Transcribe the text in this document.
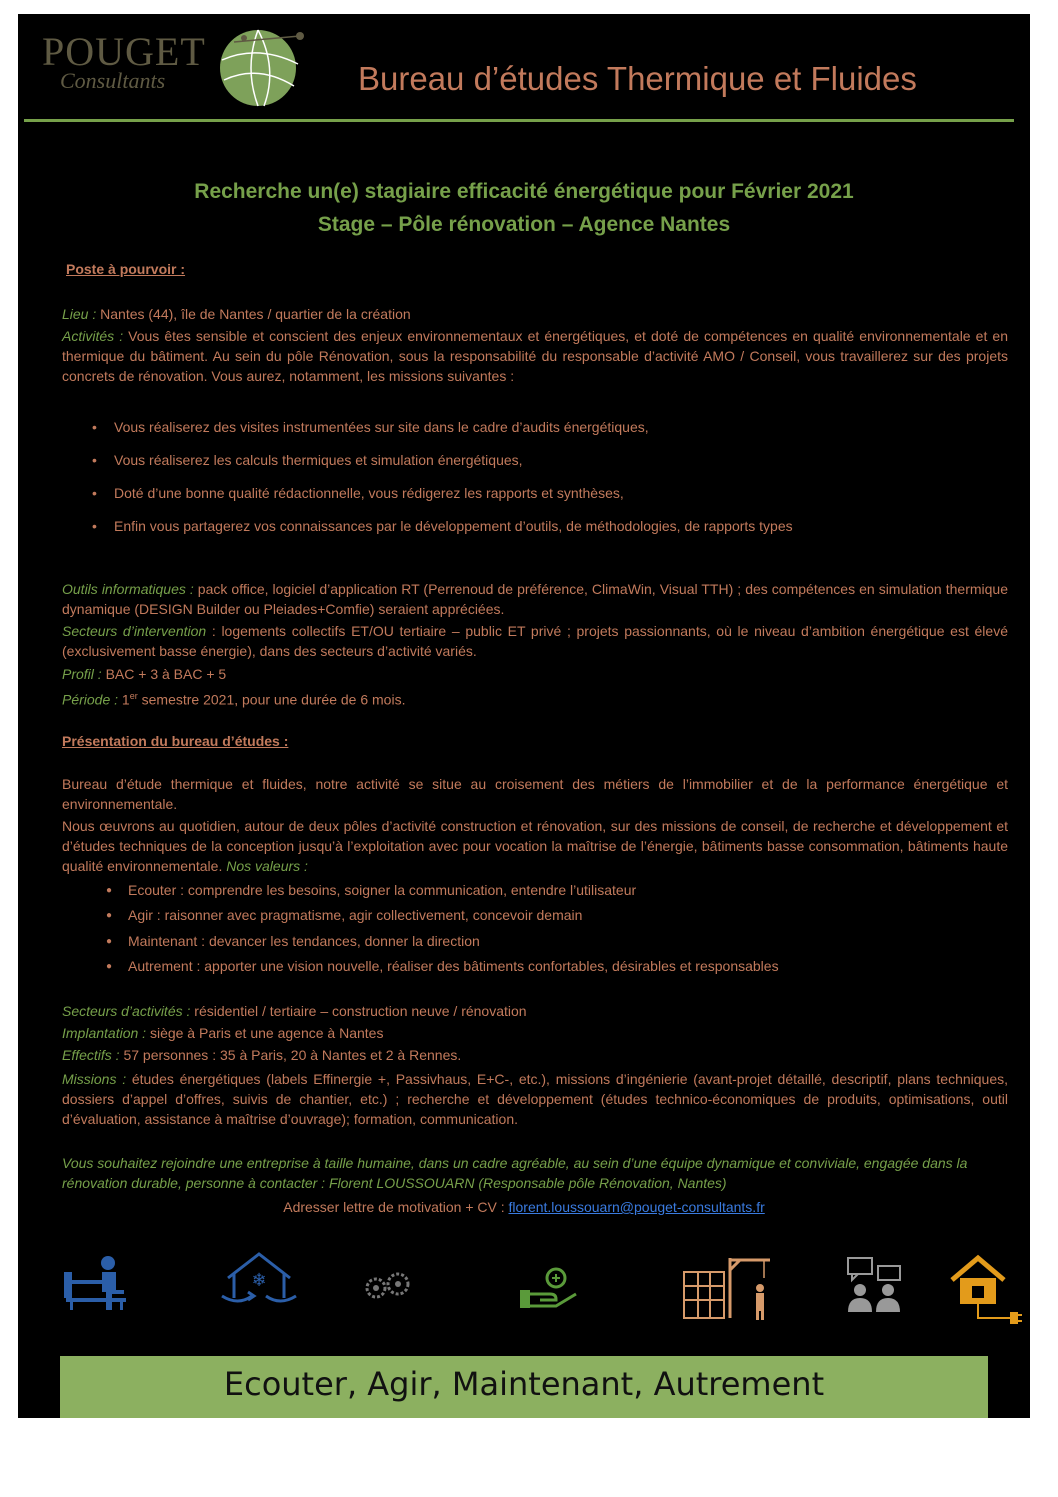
POUGET
Consultants	Bureau d’études Thermique et Fluides
Recherche un(e) stagiaire efficacité énergétique pour Février 2021
Stage – Pôle rénovation – Agence Nantes
Poste à pourvoir :
Lieu : Nantes (44), île de Nantes / quartier de la création
Activités : Vous êtes sensible et conscient des enjeux environnementaux et énergétiques, et doté de compétences en qualité environnementale et en thermique du bâtiment. Au sein du pôle Rénovation, sous la responsabilité du responsable d’activité AMO / Conseil, vous travaillerez sur des projets concrets de rénovation. Vous aurez, notamment, les missions suivantes :
• Vous réaliserez des visites instrumentées sur site dans le cadre d’audits énergétiques,
• Vous réaliserez les calculs thermiques et simulation énergétiques,
• Doté d’une bonne qualité rédactionnelle, vous rédigerez les rapports et synthèses,
• Enfin vous partagerez vos connaissances par le développement d’outils, de méthodologies, de rapports types
Outils informatiques : pack office, logiciel d’application RT (Perrenoud de préférence, ClimaWin, Visual TTH) ; des compétences en simulation thermique dynamique (DESIGN Builder ou Pleiades+Comfie) seraient appréciées.
Secteurs d’intervention : logements collectifs ET/OU tertiaire – public ET privé ; projets passionnants, où le niveau d’ambition énergétique est élevé (exclusivement basse énergie), dans des secteurs d’activité variés.
Profil : BAC + 3 à BAC + 5
Période : 1er semestre 2021, pour une durée de 6 mois.
Présentation du bureau d’études :
Bureau d’étude thermique et fluides, notre activité se situe au croisement des métiers de l’immobilier et de la performance énergétique et environnementale.
Nous œuvrons au quotidien, autour de deux pôles d’activité construction et rénovation, sur des missions de conseil, de recherche et développement et d’études techniques de la conception jusqu’à l’exploitation avec pour vocation la maîtrise de l’énergie, bâtiments basse consommation, bâtiments haute qualité environnementale. Nos valeurs :
● Ecouter : comprendre les besoins, soigner la communication, entendre l’utilisateur
● Agir : raisonner avec pragmatisme, agir collectivement, concevoir demain
● Maintenant : devancer les tendances, donner la direction
● Autrement : apporter une vision nouvelle, réaliser des bâtiments confortables, désirables et responsables
Secteurs d’activités : résidentiel / tertiaire – construction neuve / rénovation
Implantation : siège à Paris et une agence à Nantes
Effectifs : 57 personnes : 35 à Paris, 20 à Nantes et 2 à Rennes.
Missions : études énergétiques (labels Effinergie +, Passivhaus, E+C-, etc.), missions d’ingénierie (avant-projet détaillé, descriptif, plans techniques, dossiers d’appel d’offres, suivis de chantier, etc.) ; recherche et développement (études technico-économiques de produits, optimisations, outil d’évaluation, assistance à maîtrise d’ouvrage); formation, communication.
Vous souhaitez rejoindre une entreprise à taille humaine, dans un cadre agréable, au sein d’une équipe dynamique et conviviale, engagée dans la rénovation durable, personne à contacter : Florent LOUSSOUARN (Responsable pôle Rénovation, Nantes)
Adresser lettre de motivation + CV : florent.loussouarn@pouget-consultants.fr
❄
Ecouter, Agir, Maintenant, Autrement
